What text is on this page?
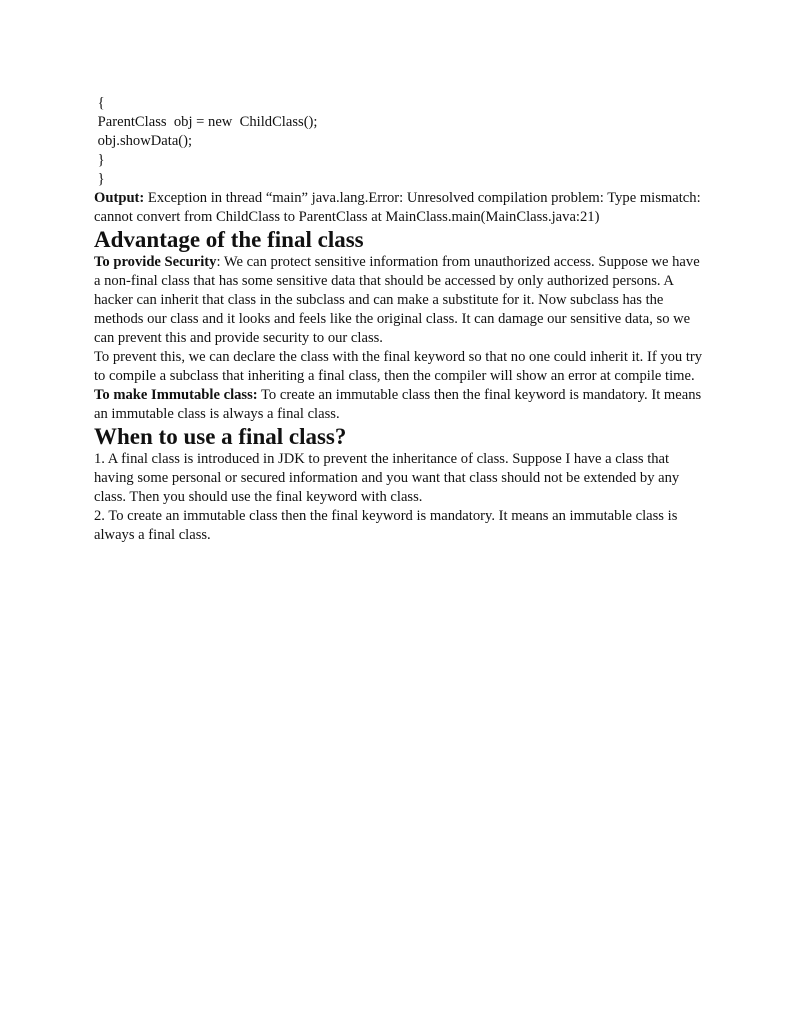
{

ParentClass  obj = new  ChildClass();

obj.showData();

}

}

Output: Exception in thread “main” java.lang.Error: Unresolved compilation problem: Type mismatch: cannot convert from ChildClass to ParentClass at MainClass.main(MainClass.java:21)

Advantage of the final class

To provide Security: We can protect sensitive information from unauthorized access. Suppose we have a non-final class that has some sensitive data that should be accessed by only authorized persons. A hacker can inherit that class in the subclass and can make a substitute for it. Now subclass has the methods our class and it looks and feels like the original class. It can damage our sensitive data, so we can prevent this and provide security to our class.

To prevent this, we can declare the class with the final keyword so that no one could inherit it. If you try to compile a subclass that inheriting a final class, then the compiler will show an error at compile time.

To make Immutable class: To create an immutable class then the final keyword is mandatory. It means an immutable class is always a final class.

When to use a final class?

1. A final class is introduced in JDK to prevent the inheritance of class. Suppose I have a class that having some personal or secured information and you want that class should not be extended by any class. Then you should use the final keyword with class.

2. To create an immutable class then the final keyword is mandatory. It means an immutable class is always a final class.
